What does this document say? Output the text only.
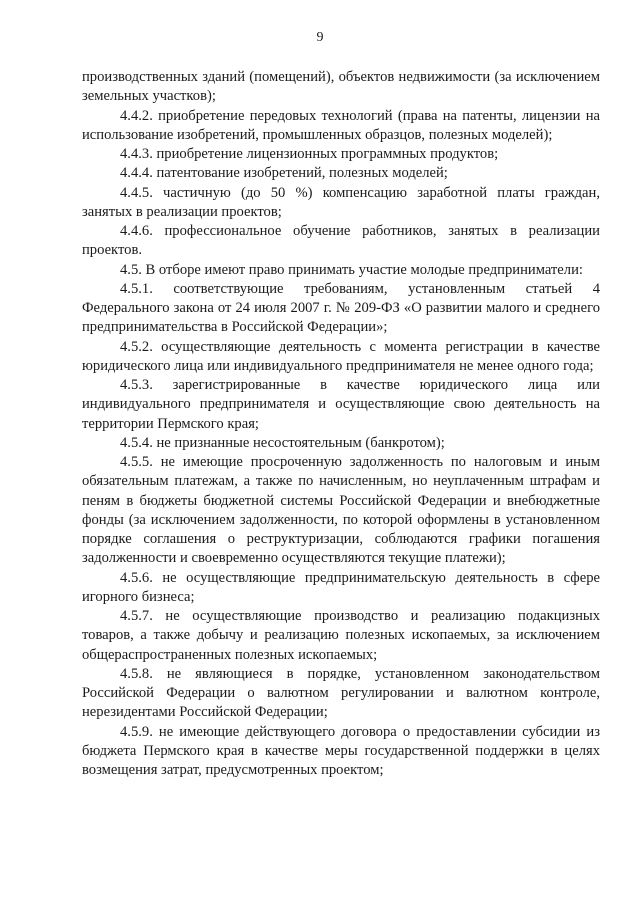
9

производственных зданий (помещений), объектов недвижимости (за исключением земельных участков);

4.4.2. приобретение передовых технологий (права на патенты, лицензии на использование изобретений, промышленных образцов, полезных моделей);

4.4.3. приобретение лицензионных программных продуктов;

4.4.4. патентование изобретений, полезных моделей;

4.4.5. частичную (до 50 %) компенсацию заработной платы граждан, занятых в реализации проектов;

4.4.6. профессиональное обучение работников, занятых в реализации проектов.

4.5. В отборе имеют право принимать участие молодые предприниматели:

4.5.1. соответствующие требованиям, установленным статьей 4 Федерального закона от 24 июля 2007 г. № 209-ФЗ «О развитии малого и среднего предпринимательства в Российской Федерации»;

4.5.2. осуществляющие деятельность с момента регистрации в качестве юридического лица или индивидуального предпринимателя не менее одного года;

4.5.3. зарегистрированные в качестве юридического лица или индивидуального предпринимателя и осуществляющие свою деятельность на территории Пермского края;

4.5.4. не признанные несостоятельным (банкротом);

4.5.5. не имеющие просроченную задолженность по налоговым и иным обязательным платежам, а также по начисленным, но неуплаченным штрафам и пеням в бюджеты бюджетной системы Российской Федерации и внебюджетные фонды (за исключением задолженности, по которой оформлены в установленном порядке соглашения о реструктуризации, соблюдаются графики погашения задолженности и своевременно осуществляются текущие платежи);

4.5.6. не осуществляющие предпринимательскую деятельность в сфере игорного бизнеса;

4.5.7. не осуществляющие производство и реализацию подакцизных товаров, а также добычу и реализацию полезных ископаемых, за исключением общераспространенных полезных ископаемых;

4.5.8. не являющиеся в порядке, установленном законодательством Российской Федерации о валютном регулировании и валютном контроле, нерезидентами Российской Федерации;

4.5.9. не имеющие действующего договора о предоставлении субсидии из бюджета Пермского края в качестве меры государственной поддержки в целях возмещения затрат, предусмотренных проектом;
